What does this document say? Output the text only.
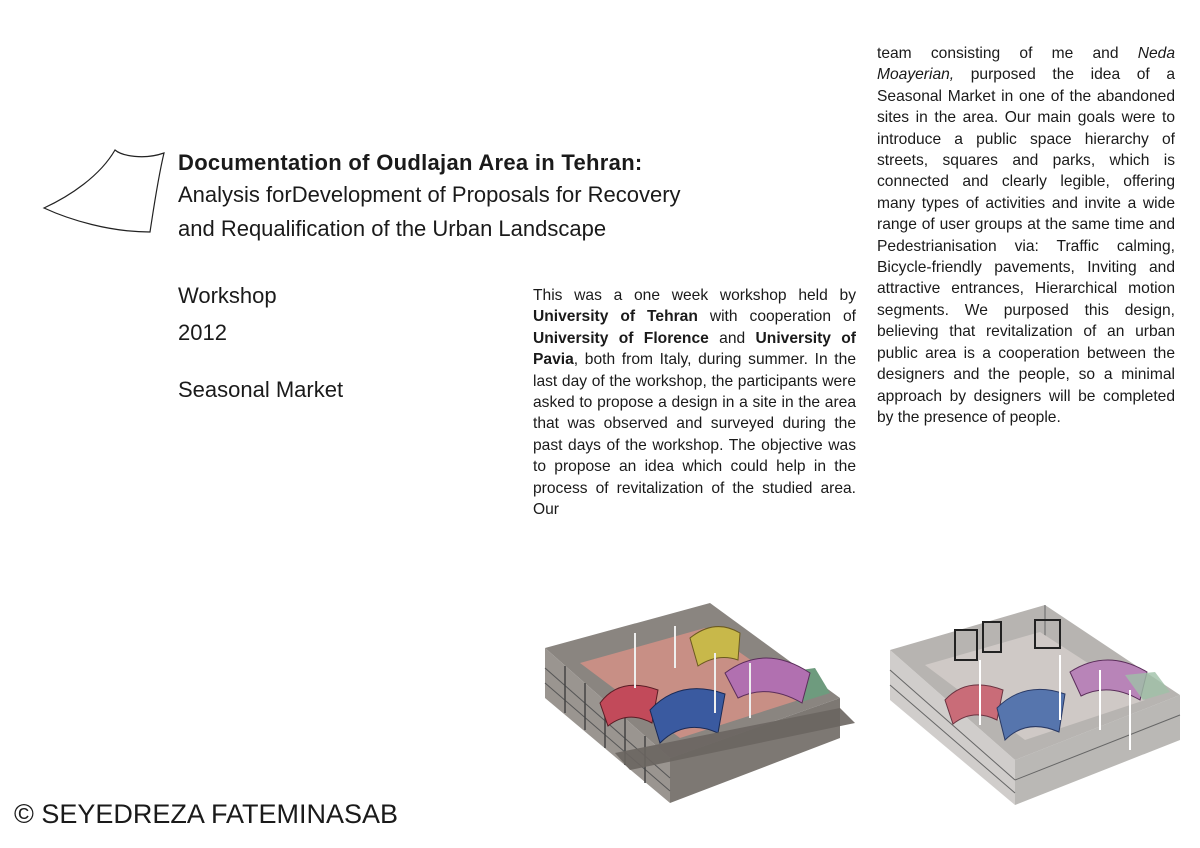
Documentation of Oudlajan Area in Tehran:
Analysis forDevelopment of Proposals for Recovery
and Requalification of the Urban Landscape
Workshop
2012
Seasonal Market

This was a one week workshop held by University of Tehran with cooperation of University of Florence and University of Pavia, both from Italy, during summer. In the last day of the workshop, the participants were asked to propose a design in a site in the area that was observed and surveyed during the past days of the workshop. The objective was to propose an idea which could help in the process of revitalization of the studied area. Our

team consisting of me and Neda Moayerian, purposed the idea of a Seasonal Market in one of the abandoned sites in the area. Our main goals were to introduce a public space hierarchy of streets, squares and parks, which is connected and clearly legible, offering many types of activities and invite a wide range of user groups at the same time and Pedestrianisation via: Traffic calming, Bicycle-friendly pavements, Inviting and attractive entrances, Hierarchical motion segments. We purposed this design, believing that revitalization of an urban public area is a cooperation between the designers and the people, so a minimal approach by designers will be completed by the presence of people.

© SEYEDREZA FATEMINASAB
